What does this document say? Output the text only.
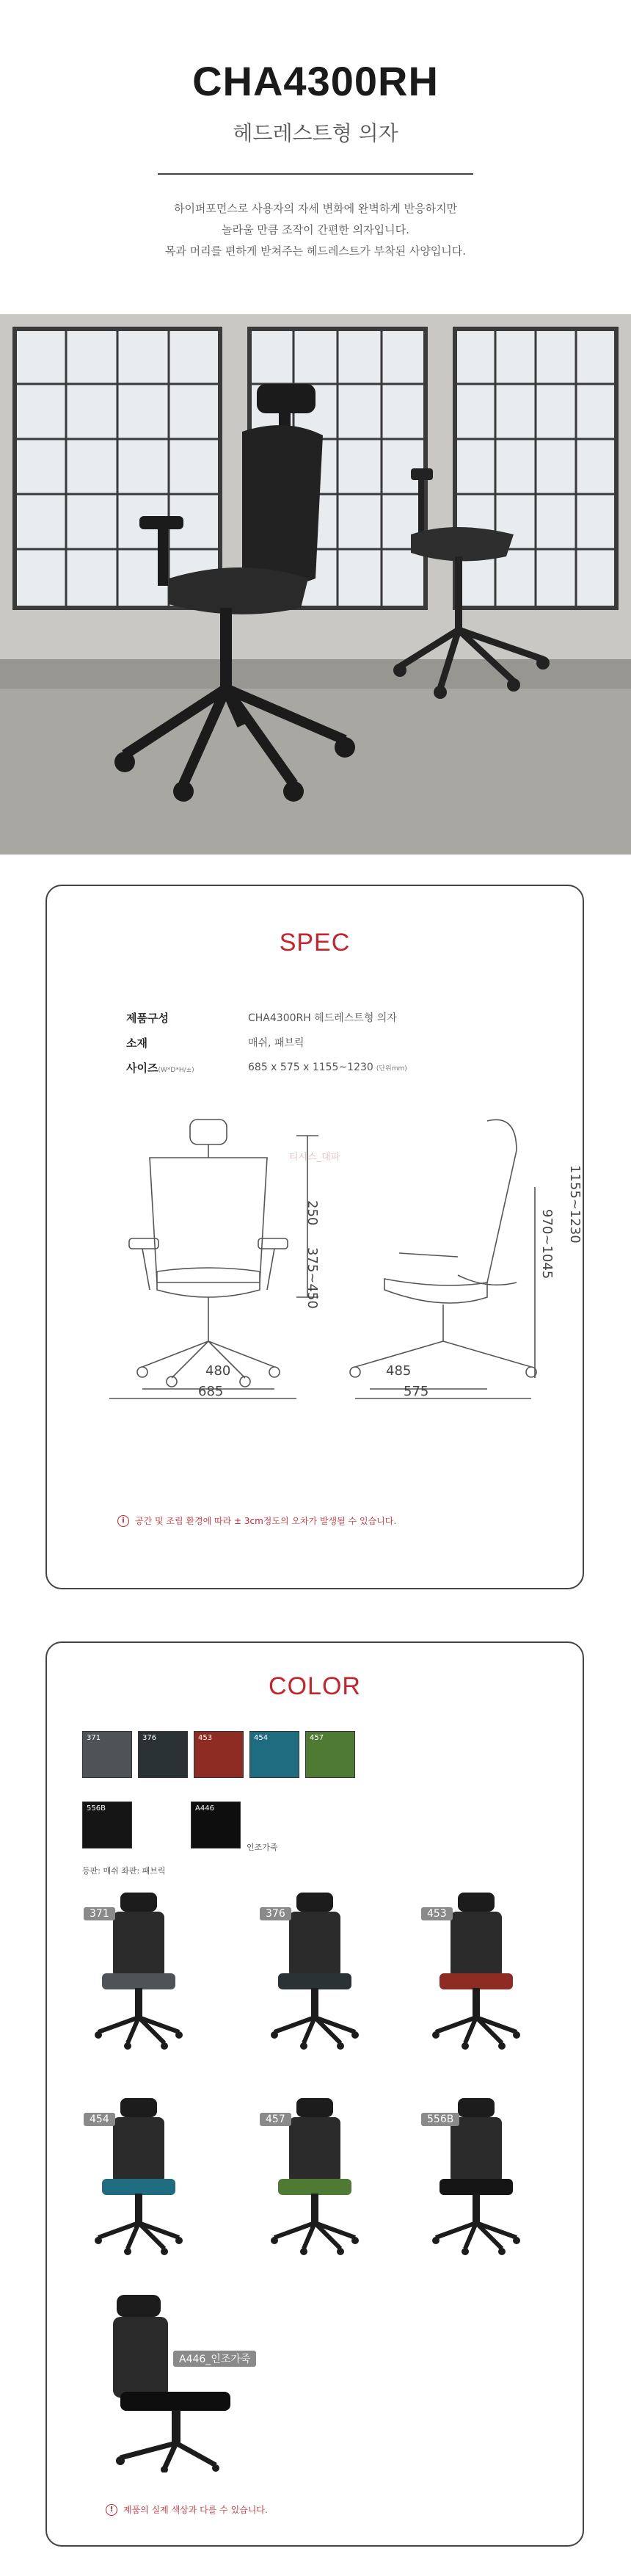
CHA4300RH
헤드레스트형 의자
하이퍼포먼스로 사용자의 자세 변화에 완벽하게 반응하지만
놀라울 만큼 조작이 간편한 의자입니다.
목과 머리를 편하게 받쳐주는 헤드레스트가 부착된 사양입니다.
SPEC
제품구성	CHA4300RH 헤드레스트형 의자
소재	매쉬, 패브릭
사이즈(W*D*H/±)	685 x 575 x 1155~1230 (단위mm)
티시스_대파
480
685
250
375~450
485
575
1155~1230
970~1045
i	공간 및 조립 환경에 따라 ± 3cm정도의 오차가 발생될 수 있습니다.
COLOR
371	376	453	454	457
556B	A446
인조가죽
등판: 매쉬 좌판: 패브릭
371	376	453
454	457	556B
A446_인조가죽
!	제품의 실제 색상과 다를 수 있습니다.
